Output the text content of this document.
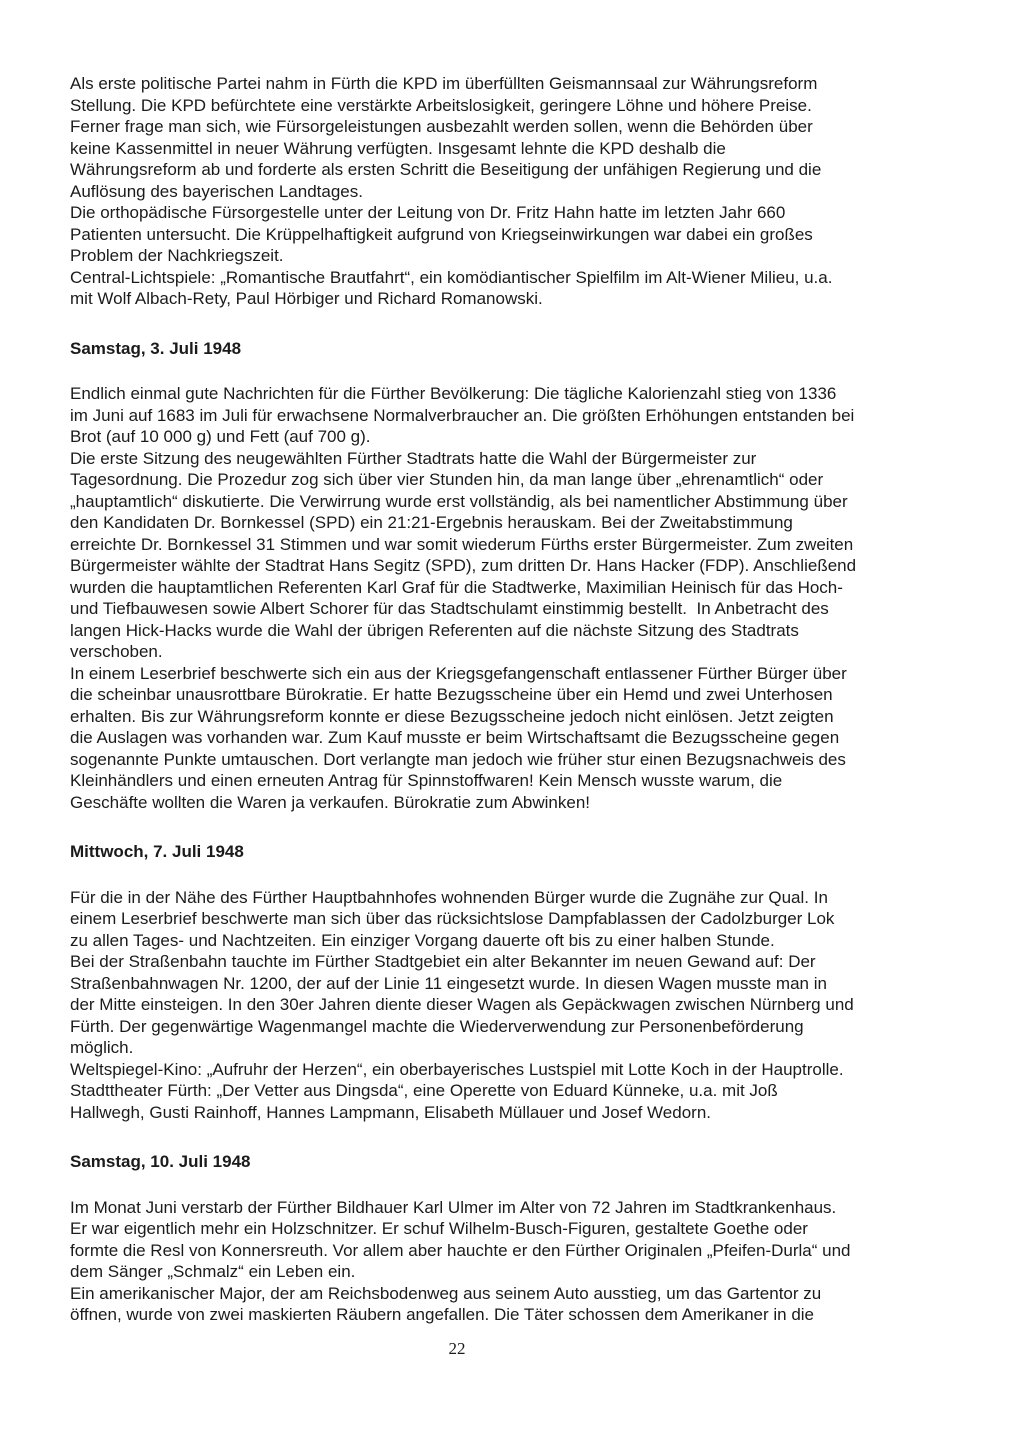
Als erste politische Partei nahm in Fürth die KPD im überfüllten Geismannsaal zur Währungsreform
Stellung. Die KPD befürchtete eine verstärkte Arbeitslosigkeit, geringere Löhne und höhere Preise.
Ferner frage man sich, wie Fürsorgeleistungen ausbezahlt werden sollen, wenn die Behörden über
keine Kassenmittel in neuer Währung verfügten. Insgesamt lehnte die KPD deshalb die
Währungsreform ab und forderte als ersten Schritt die Beseitigung der unfähigen Regierung und die
Auflösung des bayerischen Landtages.
Die orthopädische Fürsorgestelle unter der Leitung von Dr. Fritz Hahn hatte im letzten Jahr 660
Patienten untersucht. Die Krüppelhaftigkeit aufgrund von Kriegseinwirkungen war dabei ein großes
Problem der Nachkriegszeit.
Central-Lichtspiele: „Romantische Brautfahrt“, ein komödiantischer Spielfilm im Alt-Wiener Milieu, u.a.
mit Wolf Albach-Rety, Paul Hörbiger und Richard Romanowski.
Samstag, 3. Juli 1948
Endlich einmal gute Nachrichten für die Fürther Bevölkerung: Die tägliche Kalorienzahl stieg von 1336
im Juni auf 1683 im Juli für erwachsene Normalverbraucher an. Die größten Erhöhungen entstanden bei
Brot (auf 10 000 g) und Fett (auf 700 g).
Die erste Sitzung des neugewählten Fürther Stadtrats hatte die Wahl der Bürgermeister zur
Tagesordnung. Die Prozedur zog sich über vier Stunden hin, da man lange über „ehrenamtlich“ oder
„hauptamtlich“ diskutierte. Die Verwirrung wurde erst vollständig, als bei namentlicher Abstimmung über
den Kandidaten Dr. Bornkessel (SPD) ein 21:21-Ergebnis herauskam. Bei der Zweitabstimmung
erreichte Dr. Bornkessel 31 Stimmen und war somit wiederum Fürths erster Bürgermeister. Zum zweiten
Bürgermeister wählte der Stadtrat Hans Segitz (SPD), zum dritten Dr. Hans Hacker (FDP). Anschließend
wurden die hauptamtlichen Referenten Karl Graf für die Stadtwerke, Maximilian Heinisch für das Hoch-
und Tiefbauwesen sowie Albert Schorer für das Stadtschulamt einstimmig bestellt.  In Anbetracht des
langen Hick-Hacks wurde die Wahl der übrigen Referenten auf die nächste Sitzung des Stadtrats
verschoben.
In einem Leserbrief beschwerte sich ein aus der Kriegsgefangenschaft entlassener Fürther Bürger über
die scheinbar unausrottbare Bürokratie. Er hatte Bezugsscheine über ein Hemd und zwei Unterhosen
erhalten. Bis zur Währungsreform konnte er diese Bezugsscheine jedoch nicht einlösen. Jetzt zeigten
die Auslagen was vorhanden war. Zum Kauf musste er beim Wirtschaftsamt die Bezugsscheine gegen
sogenannte Punkte umtauschen. Dort verlangte man jedoch wie früher stur einen Bezugsnachweis des
Kleinhändlers und einen erneuten Antrag für Spinnstoffwaren! Kein Mensch wusste warum, die
Geschäfte wollten die Waren ja verkaufen. Bürokratie zum Abwinken!
Mittwoch, 7. Juli 1948
Für die in der Nähe des Fürther Hauptbahnhofes wohnenden Bürger wurde die Zugnähe zur Qual. In
einem Leserbrief beschwerte man sich über das rücksichtslose Dampfablassen der Cadolzburger Lok
zu allen Tages- und Nachtzeiten. Ein einziger Vorgang dauerte oft bis zu einer halben Stunde.
Bei der Straßenbahn tauchte im Fürther Stadtgebiet ein alter Bekannter im neuen Gewand auf: Der
Straßenbahnwagen Nr. 1200, der auf der Linie 11 eingesetzt wurde. In diesen Wagen musste man in
der Mitte einsteigen. In den 30er Jahren diente dieser Wagen als Gepäckwagen zwischen Nürnberg und
Fürth. Der gegenwärtige Wagenmangel machte die Wiederverwendung zur Personenbeförderung
möglich.
Weltspiegel-Kino: „Aufruhr der Herzen“, ein oberbayerisches Lustspiel mit Lotte Koch in der Hauptrolle.
Stadttheater Fürth: „Der Vetter aus Dingsda“, eine Operette von Eduard Künneke, u.a. mit Joß
Hallwegh, Gusti Rainhoff, Hannes Lampmann, Elisabeth Müllauer und Josef Wedorn.
Samstag, 10. Juli 1948
Im Monat Juni verstarb der Fürther Bildhauer Karl Ulmer im Alter von 72 Jahren im Stadtkrankenhaus.
Er war eigentlich mehr ein Holzschnitzer. Er schuf Wilhelm-Busch-Figuren, gestaltete Goethe oder
formte die Resl von Konnersreuth. Vor allem aber hauchte er den Fürther Originalen „Pfeifen-Durla“ und
dem Sänger „Schmalz“ ein Leben ein.
Ein amerikanischer Major, der am Reichsbodenweg aus seinem Auto ausstieg, um das Gartentor zu
öffnen, wurde von zwei maskierten Räubern angefallen. Die Täter schossen dem Amerikaner in die
22
